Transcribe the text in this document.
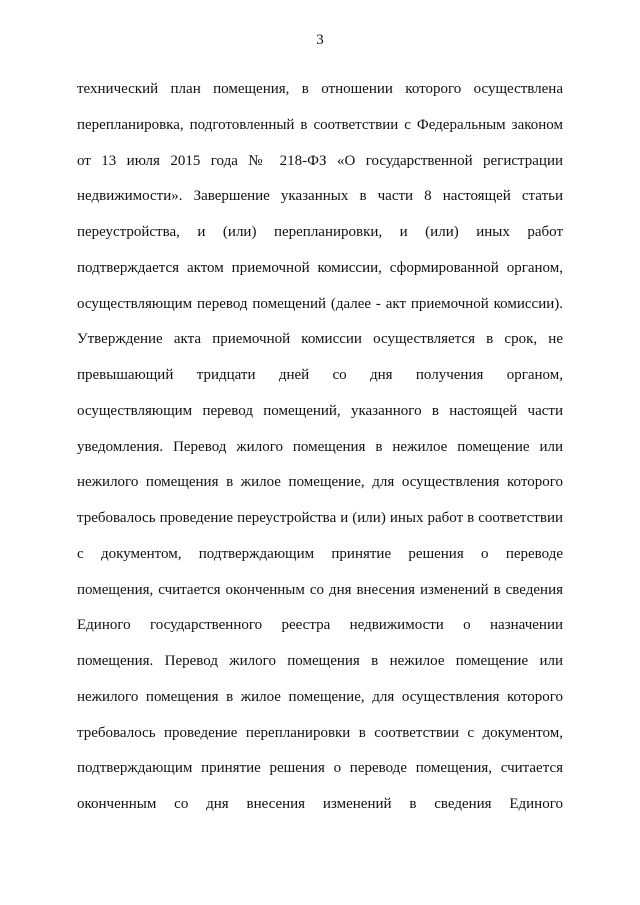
3
технический план помещения, в отношении которого осуществлена
перепланировка, подготовленный в соответствии с Федеральным законом
от 13 июля 2015 года № 218-ФЗ «О государственной регистрации
недвижимости». Завершение указанных в части 8 настоящей статьи
переустройства, и (или) перепланировки, и (или) иных работ
подтверждается актом приемочной комиссии, сформированной органом,
осуществляющим перевод помещений (далее - акт приемочной комиссии).
Утверждение акта приемочной комиссии осуществляется в срок, не
превышающий тридцати дней со дня получения органом,
осуществляющим перевод помещений, указанного в настоящей части
уведомления. Перевод жилого помещения в нежилое помещение или
нежилого помещения в жилое помещение, для осуществления которого
требовалось проведение переустройства и (или) иных работ в соответствии
с документом, подтверждающим принятие решения о переводе
помещения, считается оконченным со дня внесения изменений в сведения
Единого государственного реестра недвижимости о назначении
помещения. Перевод жилого помещения в нежилое помещение или
нежилого помещения в жилое помещение, для осуществления которого
требовалось проведение перепланировки в соответствии с документом,
подтверждающим принятие решения о переводе помещения, считается
оконченным со дня внесения изменений в сведения Единого
